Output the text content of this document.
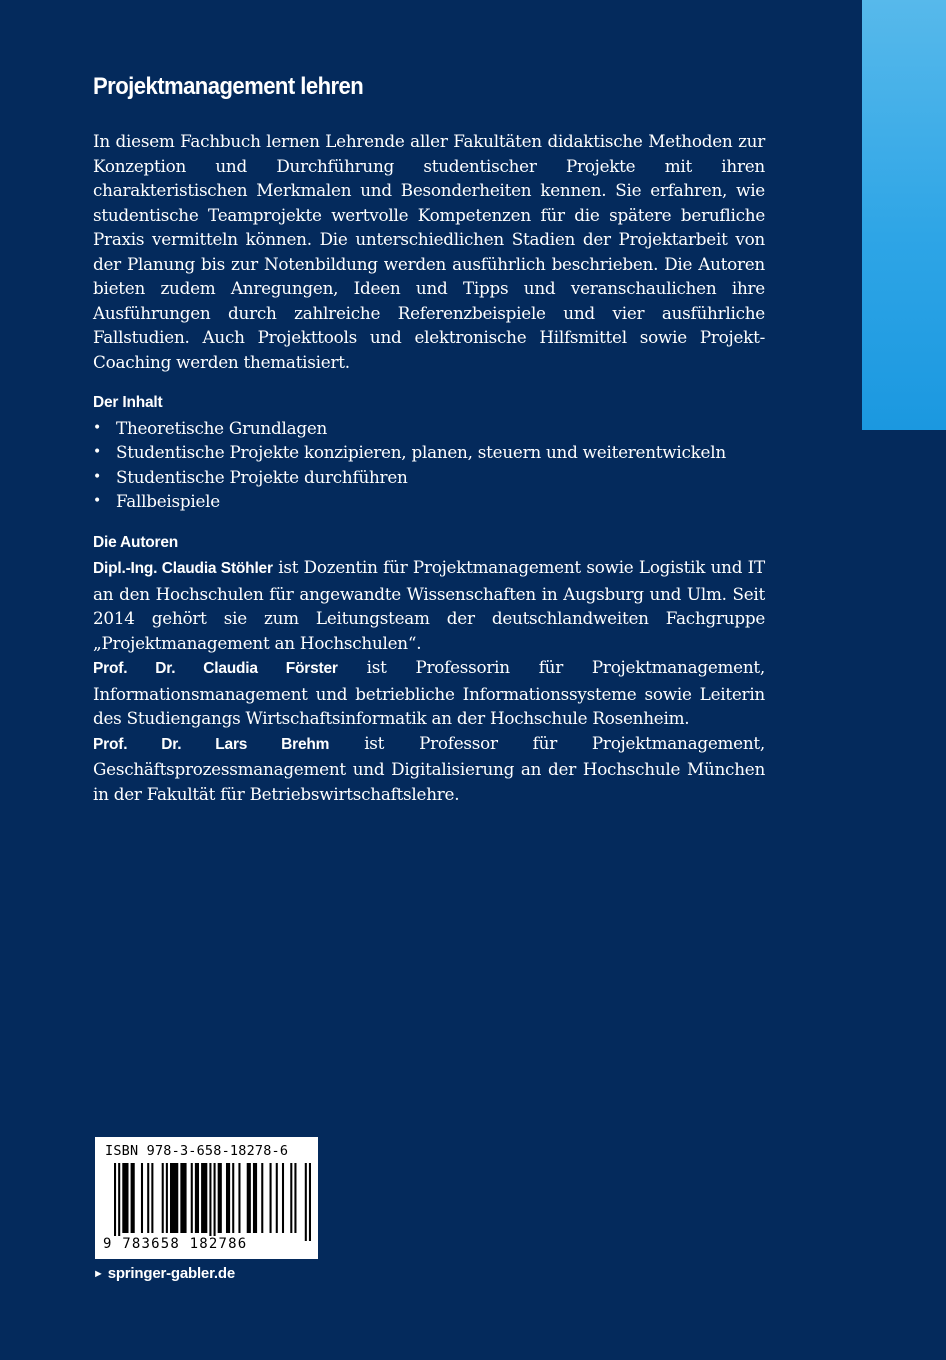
Projektmanagement lehren

In diesem Fachbuch lernen Lehrende aller Fakultäten didaktische Methoden zur Konzeption und Durchführung studentischer Projekte mit ihren charakteristischen Merkmalen und Besonderheiten kennen. Sie erfahren, wie studentische Teamprojekte wertvolle Kompetenzen für die spätere berufliche Praxis vermitteln können. Die unterschiedlichen Stadien der Projektarbeit von der Planung bis zur Notenbildung werden ausführlich beschrieben. Die Autoren bieten zudem Anregungen, Ideen und Tipps und veranschaulichen ihre Ausführungen durch zahlreiche Referenzbeispiele und vier ausführliche Fallstudien. Auch Projekttools und elektronische Hilfsmittel sowie Projekt-Coaching werden thematisiert.

Der Inhalt
• Theoretische Grundlagen
• Studentische Projekte konzipieren, planen, steuern und weiterentwickeln
• Studentische Projekte durchführen
• Fallbeispiele
Die Autoren

Dipl.-Ing. Claudia Stöhler ist Dozentin für Projektmanagement sowie Logistik und IT an den Hochschulen für angewandte Wissenschaften in Augsburg und Ulm. Seit 2014 gehört sie zum Leitungsteam der deutschlandweiten Fachgruppe „Projektmanagement an Hochschulen“.

Prof. Dr. Claudia Förster ist Professorin für Projektmanagement, Informationsmanagement und betriebliche Informationssysteme sowie Leiterin des Studiengangs Wirtschaftsinformatik an der Hochschule Rosenheim.

Prof. Dr. Lars Brehm ist Professor für Projektmanagement, Geschäftsprozessmanagement und Digitalisierung an der Hochschule München in der Fakultät für Betriebswirtschaftslehre.

ISBN 978-3-658-18278-6
9 783658 182786
► springer-gabler.de
